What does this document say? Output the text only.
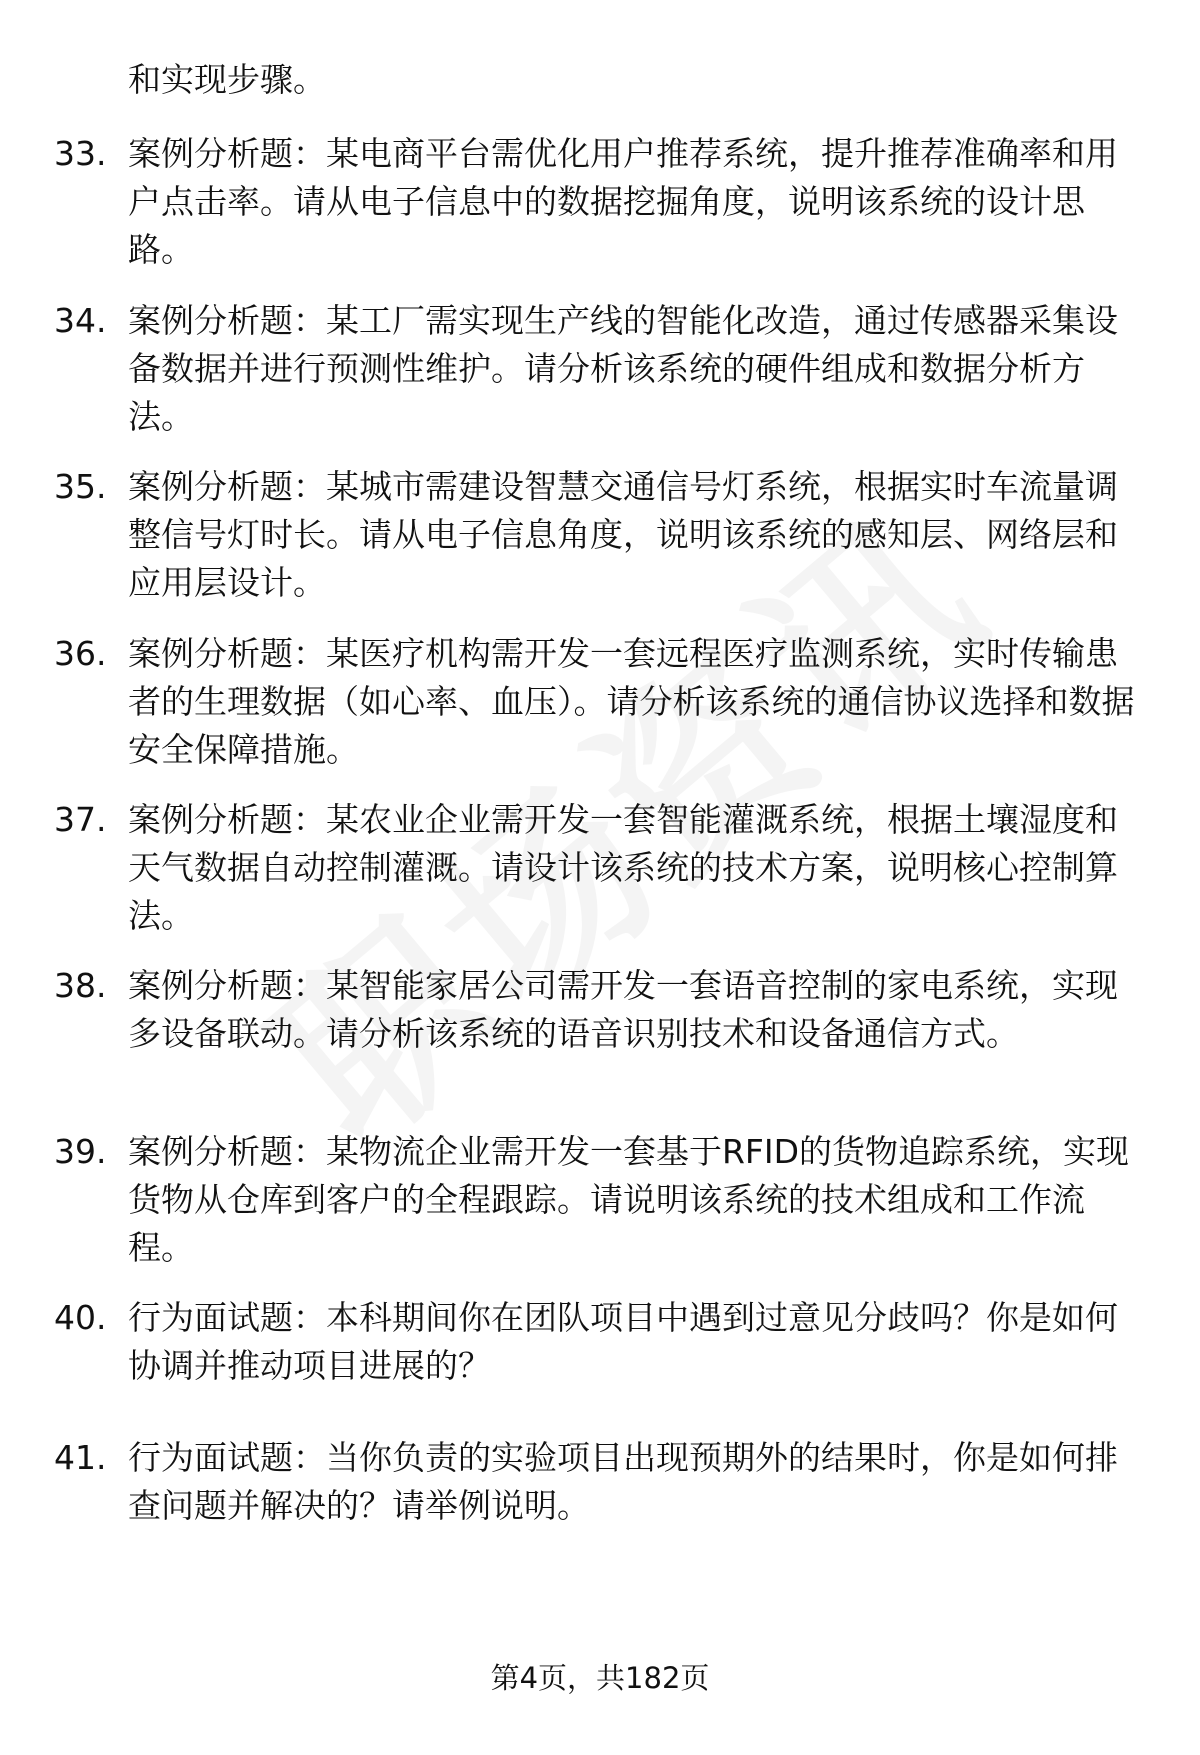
和实现步骤。
33. 案例分析题：某电商平台需优化用户推荐系统，提升推荐准确率和用户点击率。请从电子信息中的数据挖掘角度，说明该系统的设计思路。
34. 案例分析题：某工厂需实现生产线的智能化改造，通过传感器采集设备数据并进行预测性维护。请分析该系统的硬件组成和数据分析方法。
35. 案例分析题：某城市需建设智慧交通信号灯系统，根据实时车流量调整信号灯时长。请从电子信息角度，说明该系统的感知层、网络层和应用层设计。
36. 案例分析题：某医疗机构需开发一套远程医疗监测系统，实时传输患者的生理数据（如心率、血压）。请分析该系统的通信协议选择和数据安全保障措施。
37. 案例分析题：某农业企业需开发一套智能灌溉系统，根据土壤湿度和天气数据自动控制灌溉。请设计该系统的技术方案，说明核心控制算法。
38. 案例分析题：某智能家居公司需开发一套语音控制的家电系统，实现多设备联动。请分析该系统的语音识别技术和设备通信方式。
39. 案例分析题：某物流企业需开发一套基于RFID的货物追踪系统，实现货物从仓库到客户的全程跟踪。请说明该系统的技术组成和工作流程。
40. 行为面试题：本科期间你在团队项目中遇到过意见分歧吗？你是如何协调并推动项目进展的？
41. 行为面试题：当你负责的实验项目出现预期外的结果时，你是如何排查问题并解决的？请举例说明。
第4页，共182页
